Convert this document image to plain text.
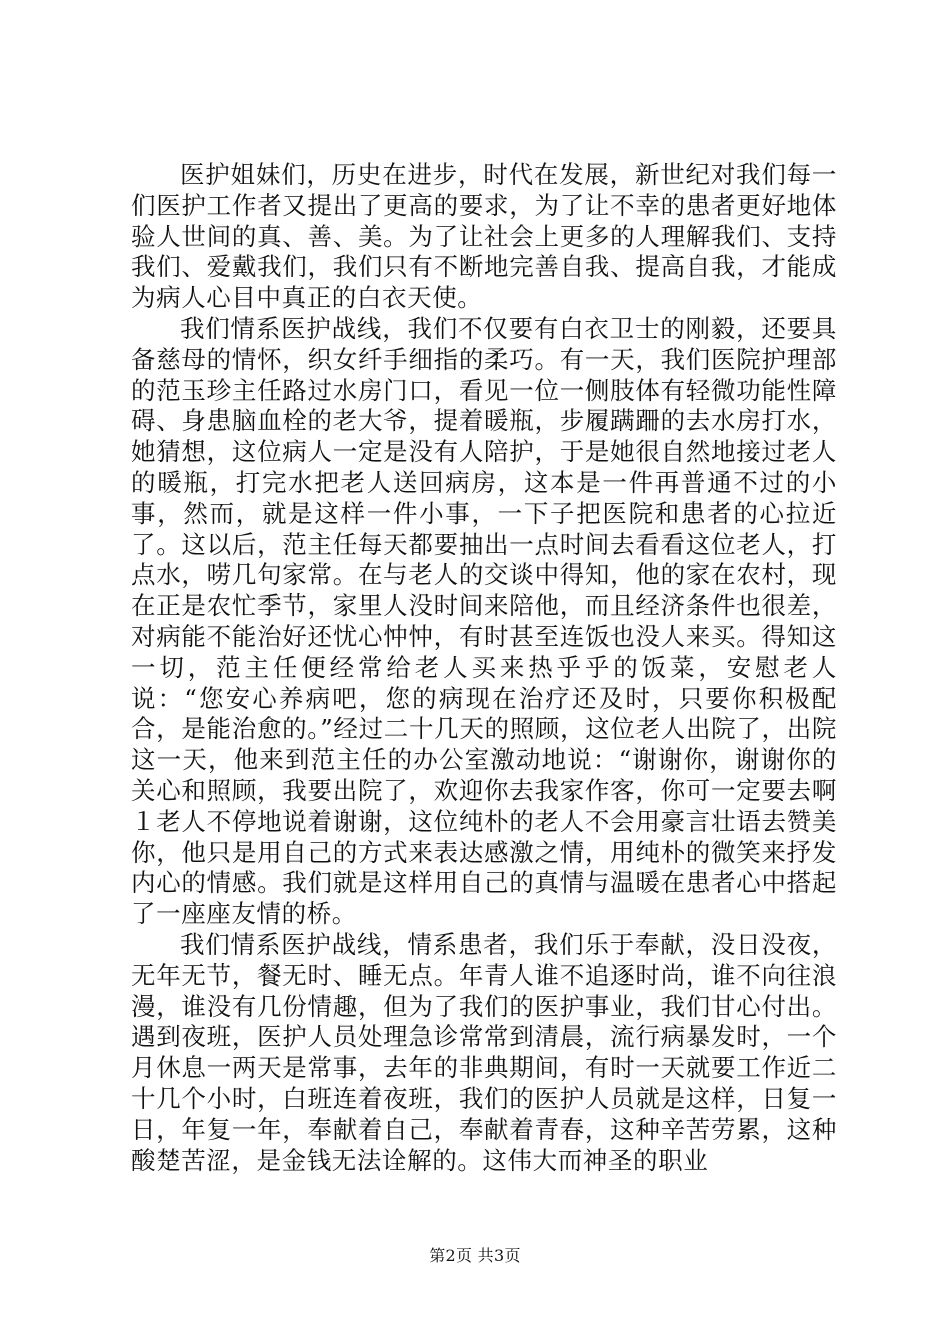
医护姐妹们，历史在进步，时代在发展，新世纪对我们每一们医护工作者又提出了更高的要求，为了让不幸的患者更好地体验人世间的真、善、美。为了让社会上更多的人理解我们、支持我们、爱戴我们，我们只有不断地完善自我、提高自我，才能成为病人心目中真正的白衣天使。

我们情系医护战线，我们不仅要有白衣卫士的刚毅，还要具备慈母的情怀，织女纤手细指的柔巧。有一天，我们医院护理部的范玉珍主任路过水房门口，看见一位一侧肢体有轻微功能性障碍、身患脑血栓的老大爷，提着暖瓶，步履蹒跚的去水房打水，她猜想，这位病人一定是没有人陪护，于是她很自然地接过老人的暖瓶，打完水把老人送回病房，这本是一件再普通不过的小事，然而，就是这样一件小事，一下子把医院和患者的心拉近了。这以后，范主任每天都要抽出一点时间去看看这位老人，打点水，唠几句家常。在与老人的交谈中得知，他的家在农村，现在正是农忙季节，家里人没时间来陪他，而且经济条件也很差，对病能不能治好还忧心忡忡，有时甚至连饭也没人来买。得知这一切，范主任便经常给老人买来热乎乎的饭菜，安慰老人说：“您安心养病吧，您的病现在治疗还及时，只要你积极配合，是能治愈的。”经过二十几天的照顾，这位老人出院了，出院这一天，他来到范主任的办公室激动地说：“谢谢你，谢谢你的关心和照顾，我要出院了，欢迎你去我家作客，你可一定要去啊１老人不停地说着谢谢，这位纯朴的老人不会用豪言壮语去赞美你，他只是用自己的方式来表达感激之情，用纯朴的微笑来抒发内心的情感。我们就是这样用自己的真情与温暖在患者心中搭起了一座座友情的桥。

我们情系医护战线，情系患者，我们乐于奉献，没日没夜，无年无节，餐无时、睡无点。年青人谁不追逐时尚，谁不向往浪漫，谁没有几份情趣，但为了我们的医护事业，我们甘心付出。遇到夜班，医护人员处理急诊常常到清晨，流行病暴发时，一个月休息一两天是常事，去年的非典期间，有时一天就要工作近二十几个小时，白班连着夜班，我们的医护人员就是这样，日复一日，年复一年，奉献着自己，奉献着青春，这种辛苦劳累，这种酸楚苦涩，是金钱无法诠解的。这伟大而神圣的职业

第2页 共3页
